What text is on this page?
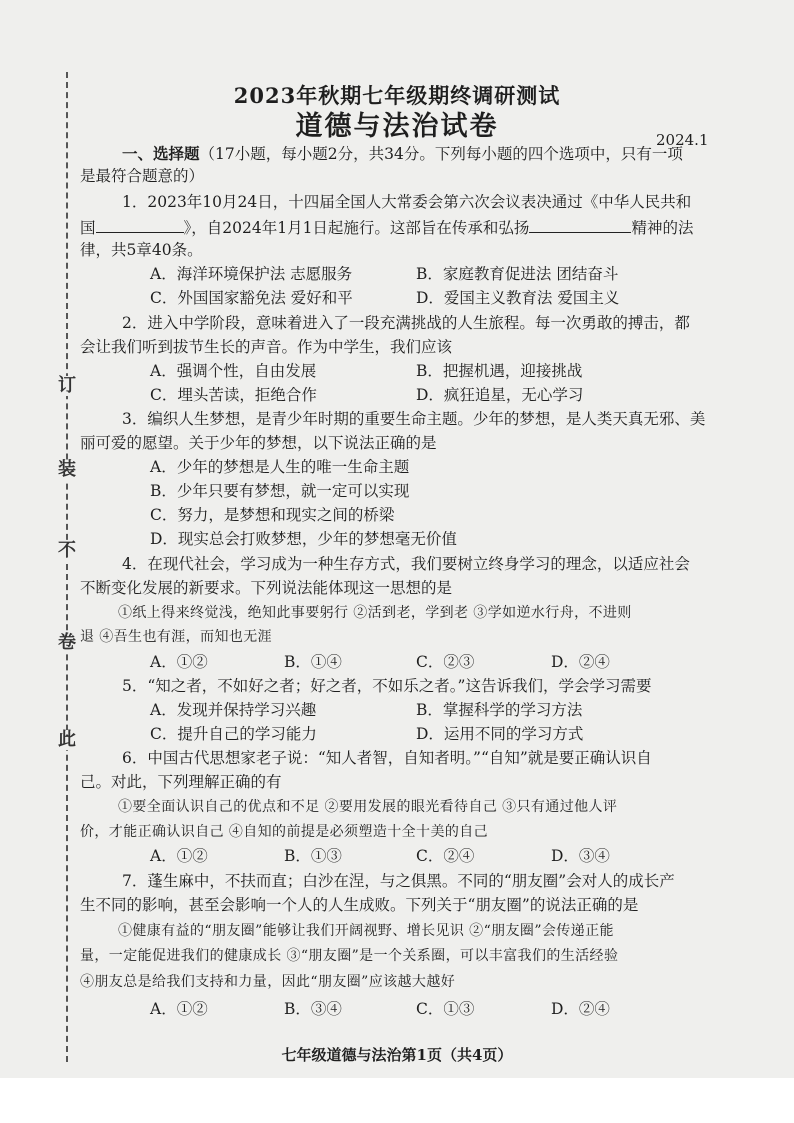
订
装
不
卷
此
2023年秋期七年级期终调研测试
道德与法治试卷	2024.1
一、选择题（17小题，每小题2分，共34分。下列每小题的四个选项中，只有一项
是最符合题意的）
1．2023年10月24日，十四届全国人大常委会第六次会议表决通过《中华人民共和
国	》，自2024年1月1日起施行。这部旨在传承和弘扬	精神的法
律，共5章40条。
A．海洋环境保护法 志愿服务	B．家庭教育促进法 团结奋斗
C．外国国家豁免法 爱好和平	D．爱国主义教育法 爱国主义
2．进入中学阶段，意味着进入了一段充满挑战的人生旅程。每一次勇敢的搏击，都
会让我们听到拔节生长的声音。作为中学生，我们应该
A．强调个性，自由发展	B．把握机遇，迎接挑战
C．埋头苦读，拒绝合作	D．疯狂追星，无心学习
3．编织人生梦想，是青少年时期的重要生命主题。少年的梦想，是人类天真无邪、美
丽可爱的愿望。关于少年的梦想，以下说法正确的是
A．少年的梦想是人生的唯一生命主题
B．少年只要有梦想，就一定可以实现
C．努力，是梦想和现实之间的桥梁
D．现实总会打败梦想，少年的梦想毫无价值
4．在现代社会，学习成为一种生存方式，我们要树立终身学习的理念，以适应社会
不断变化发展的新要求。下列说法能体现这一思想的是
①纸上得来终觉浅，绝知此事要躬行 ②活到老，学到老 ③学如逆水行舟，不进则
退 ④吾生也有涯，而知也无涯
A．①②	B．①④	C．②③	D．②④
5．“知之者，不如好之者；好之者，不如乐之者。”这告诉我们，学会学习需要
A．发现并保持学习兴趣	B．掌握科学的学习方法
C．提升自己的学习能力	D．运用不同的学习方式
6．中国古代思想家老子说：“知人者智，自知者明。”“自知”就是要正确认识自
己。对此，下列理解正确的有
①要全面认识自己的优点和不足 ②要用发展的眼光看待自己 ③只有通过他人评
价，才能正确认识自己 ④自知的前提是必须塑造十全十美的自己
A．①②	B．①③	C．②④	D．③④
7．蓬生麻中，不扶而直；白沙在涅，与之俱黑。不同的“朋友圈”会对人的成长产
生不同的影响，甚至会影响一个人的人生成败。下列关于“朋友圈”的说法正确的是
①健康有益的“朋友圈”能够让我们开阔视野、增长见识 ②“朋友圈”会传递正能
量，一定能促进我们的健康成长 ③“朋友圈”是一个关系圈，可以丰富我们的生活经验
④朋友总是给我们支持和力量，因此“朋友圈”应该越大越好
A．①②	B．③④	C．①③	D．②④
七年级道德与法治第1页（共4页）
